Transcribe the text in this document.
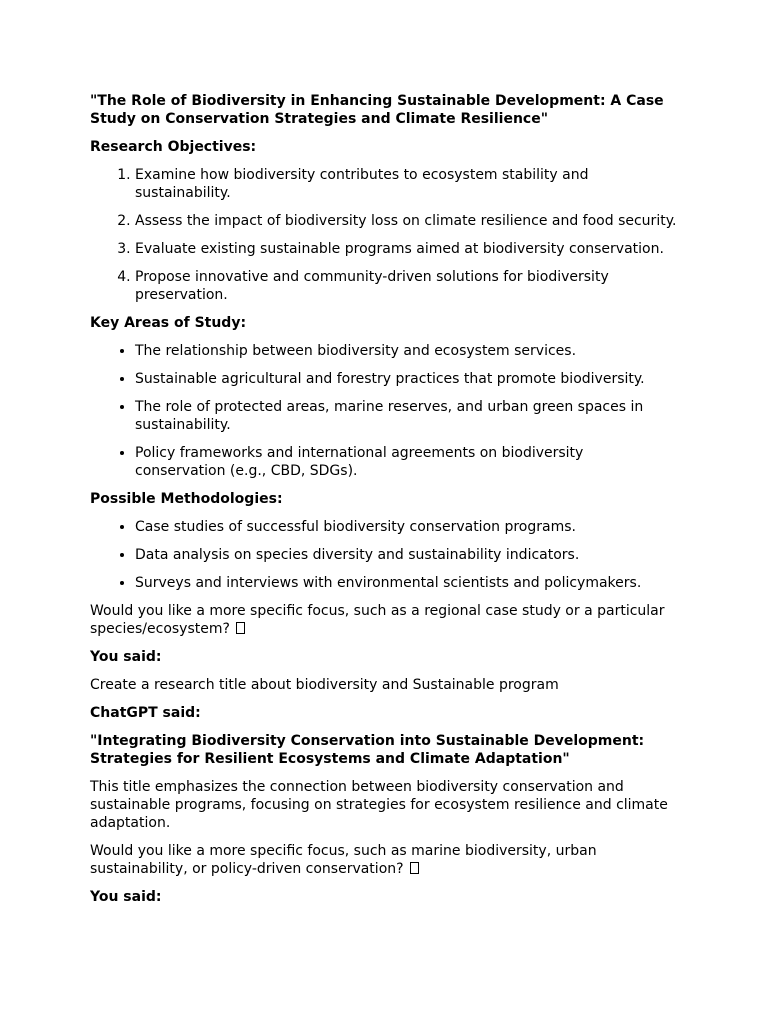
"The Role of Biodiversity in Enhancing Sustainable Development: A Case Study on Conservation Strategies and Climate Resilience"

Research Objectives:

1. Examine how biodiversity contributes to ecosystem stability and sustainability.
2. Assess the impact of biodiversity loss on climate resilience and food security.
3. Evaluate existing sustainable programs aimed at biodiversity conservation.
4. Propose innovative and community-driven solutions for biodiversity preservation.

Key Areas of Study:

• The relationship between biodiversity and ecosystem services.
• Sustainable agricultural and forestry practices that promote biodiversity.
• The role of protected areas, marine reserves, and urban green spaces in sustainability.
• Policy frameworks and international agreements on biodiversity conservation (e.g., CBD, SDGs).

Possible Methodologies:

• Case studies of successful biodiversity conservation programs.
• Data analysis on species diversity and sustainability indicators.
• Surveys and interviews with environmental scientists and policymakers.

Would you like a more specific focus, such as a regional case study or a particular species/ecosystem?

You said:

Create a research title about biodiversity and Sustainable program

ChatGPT said:

"Integrating Biodiversity Conservation into Sustainable Development: Strategies for Resilient Ecosystems and Climate Adaptation"

This title emphasizes the connection between biodiversity conservation and sustainable programs, focusing on strategies for ecosystem resilience and climate adaptation.

Would you like a more specific focus, such as marine biodiversity, urban sustainability, or policy-driven conservation?

You said:
